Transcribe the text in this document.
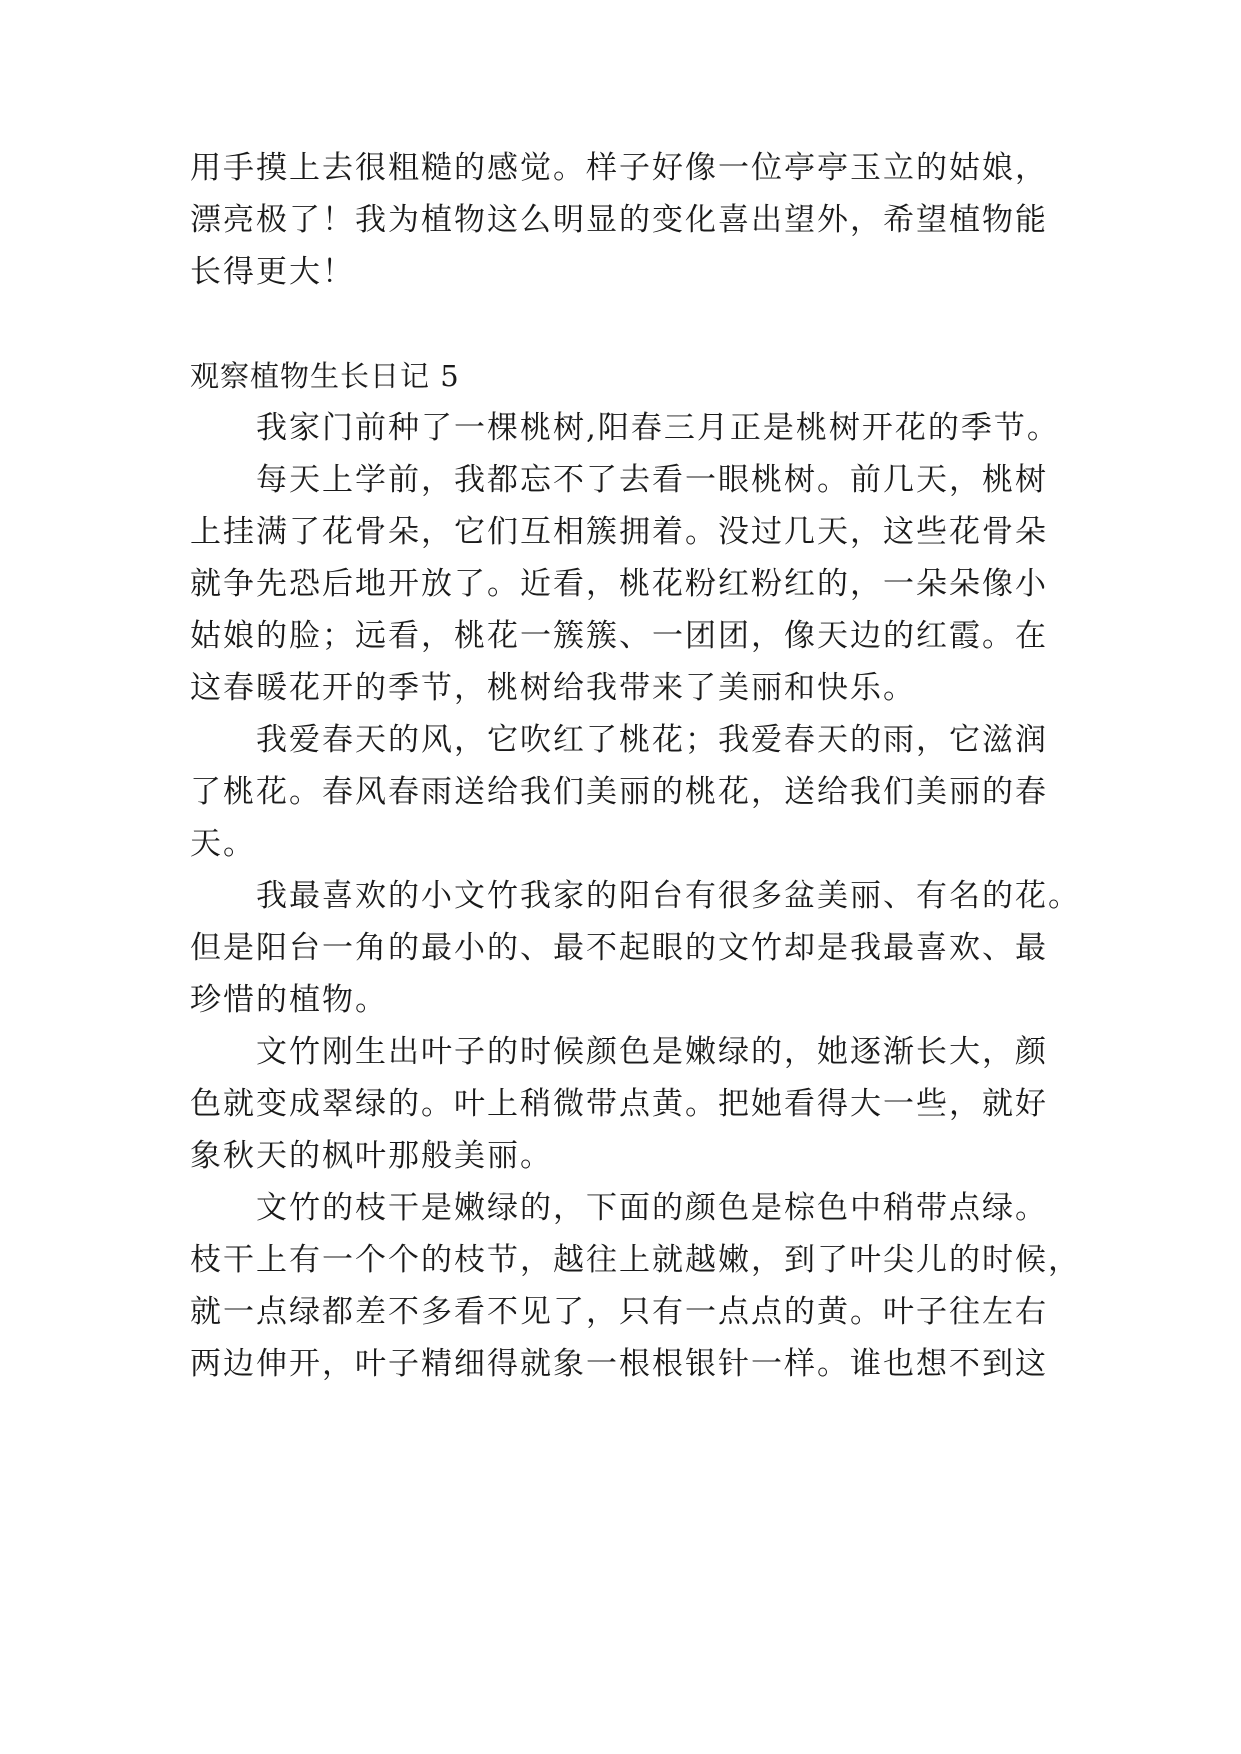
用手摸上去很粗糙的感觉。样子好像一位亭亭玉立的姑娘，
漂亮极了！我为植物这么明显的变化喜出望外，希望植物能
长得更大！
观察植物生长日记 5
我家门前种了一棵桃树,阳春三月正是桃树开花的季节。
每天上学前，我都忘不了去看一眼桃树。前几天，桃树
上挂满了花骨朵，它们互相簇拥着。没过几天，这些花骨朵
就争先恐后地开放了。近看，桃花粉红粉红的，一朵朵像小
姑娘的脸；远看，桃花一簇簇、一团团，像天边的红霞。在
这春暖花开的季节，桃树给我带来了美丽和快乐。
我爱春天的风，它吹红了桃花；我爱春天的雨，它滋润
了桃花。春风春雨送给我们美丽的桃花，送给我们美丽的春
天。
我最喜欢的小文竹我家的阳台有很多盆美丽、有名的花。
但是阳台一角的最小的、最不起眼的文竹却是我最喜欢、最
珍惜的植物。
文竹刚生出叶子的时候颜色是嫩绿的，她逐渐长大，颜
色就变成翠绿的。叶上稍微带点黄。把她看得大一些，就好
象秋天的枫叶那般美丽。
文竹的枝干是嫩绿的，下面的颜色是棕色中稍带点绿。
枝干上有一个个的枝节，越往上就越嫩，到了叶尖儿的时候，
就一点绿都差不多看不见了，只有一点点的黄。叶子往左右
两边伸开，叶子精细得就象一根根银针一样。谁也想不到这
